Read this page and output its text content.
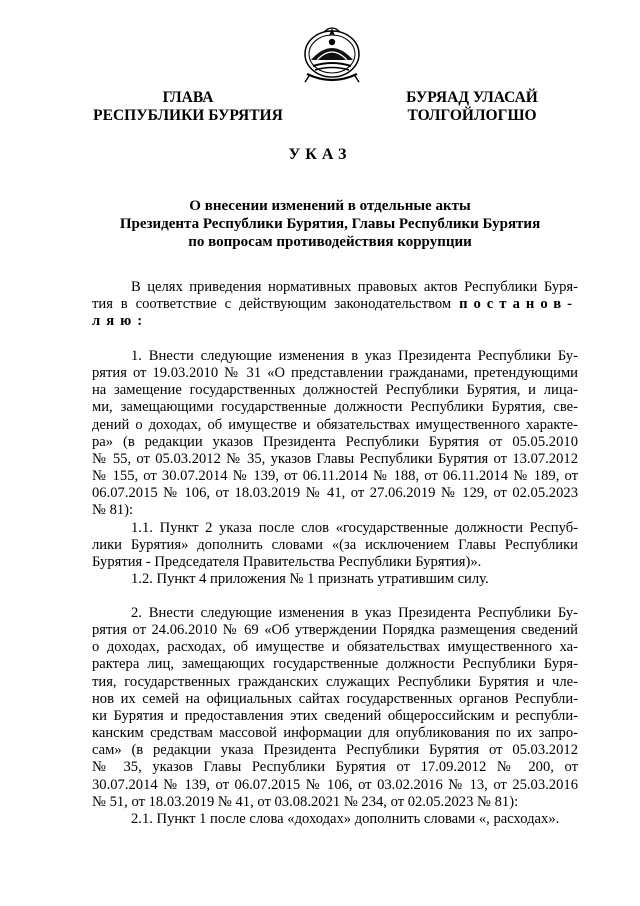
ГЛАВА
РЕСПУБЛИКИ БУРЯТИЯ
БУРЯАД УЛАСАЙ
ТОЛГОЙЛОГШО
УКАЗ
О внесении изменений в отдельные акты
Президента Республики Бурятия, Главы Республики Бурятия
по вопросам противодействия коррупции
В целях приведения нормативных правовых актов Республики Буря-
тия в соответствие с действующим законодательством постанов-
ляю:
1. Внести следующие изменения в указ Президента Республики Бу-
рятия от 19.03.2010 № 31 «О представлении гражданами, претендующими
на замещение государственных должностей Республики Бурятия, и лица-
ми, замещающими государственные должности Республики Бурятия, све-
дений о доходах, об имуществе и обязательствах имущественного характе-
ра» (в редакции указов Президента Республики Бурятия от 05.05.2010
№ 55, от 05.03.2012 № 35, указов Главы Республики Бурятия от 13.07.2012
№ 155, от 30.07.2014 № 139, от 06.11.2014 № 188, от 06.11.2014 № 189, от
06.07.2015 № 106, от 18.03.2019 № 41, от 27.06.2019 № 129, от 02.05.2023
№ 81):
1.1. Пункт 2 указа после слов «государственные должности Респуб-
лики Бурятия» дополнить словами «(за исключением Главы Республики
Бурятия - Председателя Правительства Республики Бурятия)».
1.2. Пункт 4 приложения № 1 признать утратившим силу.
2. Внести следующие изменения в указ Президента Республики Бу-
рятия от 24.06.2010 № 69 «Об утверждении Порядка размещения сведений
о доходах, расходах, об имуществе и обязательствах имущественного ха-
рактера лиц, замещающих государственные должности Республики Буря-
тия, государственных гражданских служащих Республики Бурятия и чле-
нов их семей на официальных сайтах государственных органов Республи-
ки Бурятия и предоставления этих сведений общероссийским и республи-
канским средствам массовой информации для опубликования по их запро-
сам» (в редакции указа Президента Республики Бурятия от 05.03.2012
№ 35, указов Главы Республики Бурятия от 17.09.2012 № 200, от
30.07.2014 № 139, от 06.07.2015 № 106, от 03.02.2016 № 13, от 25.03.2016
№ 51, от 18.03.2019 № 41, от 03.08.2021 № 234, от 02.05.2023 № 81):
2.1. Пункт 1 после слова «доходах» дополнить словами «, расходах».
